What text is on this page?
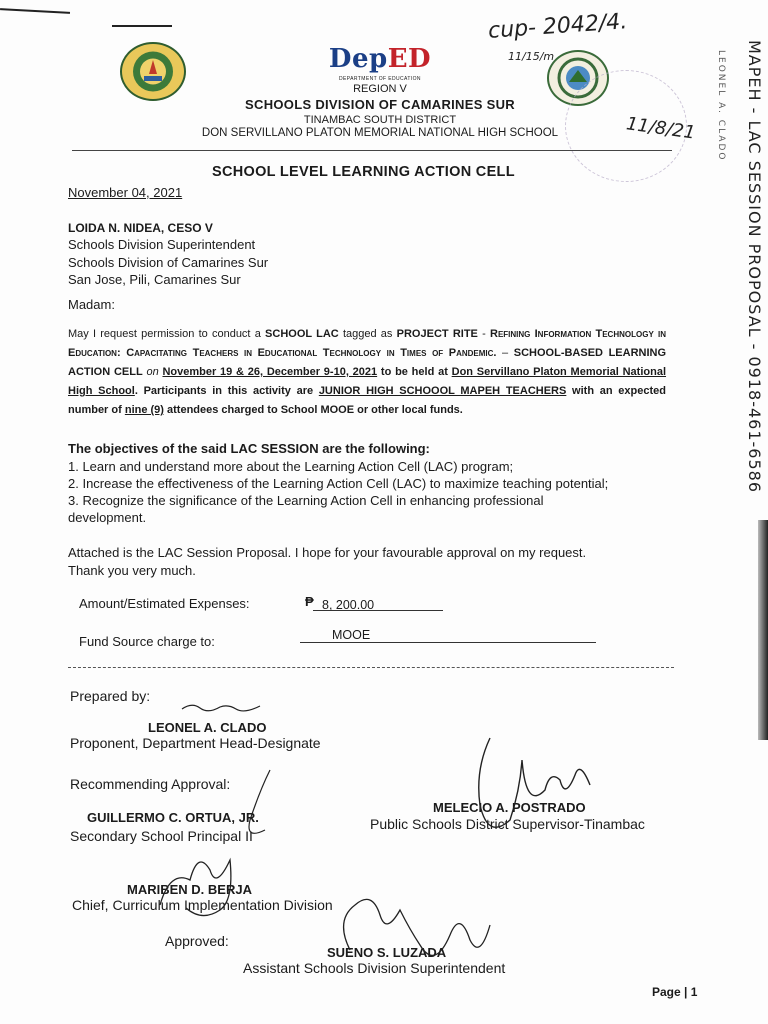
DepED
DEPARTMENT OF EDUCATION
REGION V
SCHOOLS DIVISION OF CAMARINES SUR
TINAMBAC SOUTH DISTRICT
DON SERVILLANO PLATON MEMORIAL NATIONAL HIGH SCHOOL
cup- 2042/4.
11/15/m
11/8/21	MAPEH - LAC SESSION PROPOSAL - 0918-461-6586
LEONEL A. CLADO
SCHOOL LEVEL LEARNING ACTION CELL
November 04, 2021
LOIDA N. NIDEA, CESO V
Schools Division Superintendent
Schools Division of Camarines Sur
San Jose, Pili, Camarines Sur
Madam:
May I request permission to conduct a SCHOOL LAC tagged as PROJECT RITE - Refining Information Technology in Education: Capacitating Teachers in Educational Technology in Times of Pandemic. – SCHOOL-BASED LEARNING ACTION CELL on November 19 & 26, December 9-10, 2021 to be held at Don Servillano Platon Memorial National High School. Participants in this activity are JUNIOR HIGH SCHOOOL MAPEH TEACHERS with an expected number of nine (9) attendees charged to School MOOE or other local funds.
The objectives of the said LAC SESSION are the following:
1. Learn and understand more about the Learning Action Cell (LAC) program;
2. Increase the effectiveness of the Learning Action Cell (LAC) to maximize teaching potential;
3. Recognize the significance of the Learning Action Cell in enhancing professional development.
Attached is the LAC Session Proposal. I hope for your favourable approval on my request.
Thank you very much.
Amount/Estimated Expenses:	₱ 8, 200.00
Fund Source charge to:	MOOE
Prepared by:
LEONEL A. CLADO
Proponent, Department Head-Designate
Recommending Approval:
GUILLERMO C. ORTUA, JR.
Secondary School Principal II
MELECIO A. POSTRADO
Public Schools District Supervisor-Tinambac
MARIBEN D. BERJA
Chief, Curriculum Implementation Division
Approved:
SUENO S. LUZADA
Assistant Schools Division Superintendent
Page | 1
